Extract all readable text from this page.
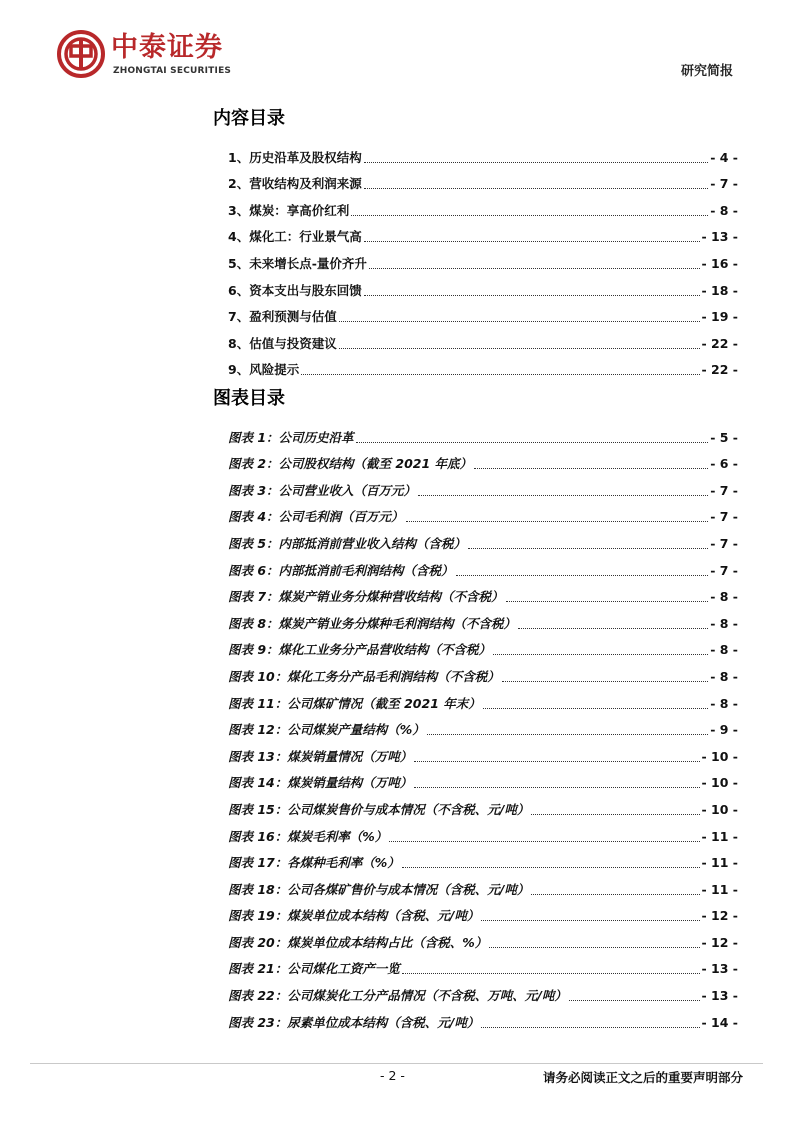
中泰证券
ZHONGTAI SECURITIES	研究简报
内容目录
1、历史沿革及股权结构	- 4 -
2、营收结构及利润来源	- 7 -
3、煤炭：享高价红利	- 8 -
4、煤化工：行业景气高	- 13 -
5、未来增长点-量价齐升	- 16 -
6、资本支出与股东回馈	- 18 -
7、盈利预测与估值	- 19 -
8、估值与投资建议	- 22 -
9、风险提示	- 22 -
图表目录
图表 1：公司历史沿革	- 5 -
图表 2：公司股权结构（截至 2021 年底）	- 6 -
图表 3：公司营业收入（百万元）	- 7 -
图表 4：公司毛利润（百万元）	- 7 -
图表 5：内部抵消前营业收入结构（含税）	- 7 -
图表 6：内部抵消前毛利润结构（含税）	- 7 -
图表 7：煤炭产销业务分煤种营收结构（不含税）	- 8 -
图表 8：煤炭产销业务分煤种毛利润结构（不含税）	- 8 -
图表 9：煤化工业务分产品营收结构（不含税）	- 8 -
图表 10：煤化工务分产品毛利润结构（不含税）	- 8 -
图表 11：公司煤矿情况（截至 2021 年末）	- 8 -
图表 12：公司煤炭产量结构（%）	- 9 -
图表 13：煤炭销量情况（万吨）	- 10 -
图表 14：煤炭销量结构（万吨）	- 10 -
图表 15：公司煤炭售价与成本情况（不含税、元/吨）	- 10 -
图表 16：煤炭毛利率（%）	- 11 -
图表 17：各煤种毛利率（%）	- 11 -
图表 18：公司各煤矿售价与成本情况（含税、元/吨）	- 11 -
图表 19：煤炭单位成本结构（含税、元/吨）	- 12 -
图表 20：煤炭单位成本结构占比（含税、%）	- 12 -
图表 21：公司煤化工资产一览	- 13 -
图表 22：公司煤炭化工分产品情况（不含税、万吨、元/吨）	- 13 -
图表 23：尿素单位成本结构（含税、元/吨）	- 14 -
- 2 -	请务必阅读正文之后的重要声明部分
